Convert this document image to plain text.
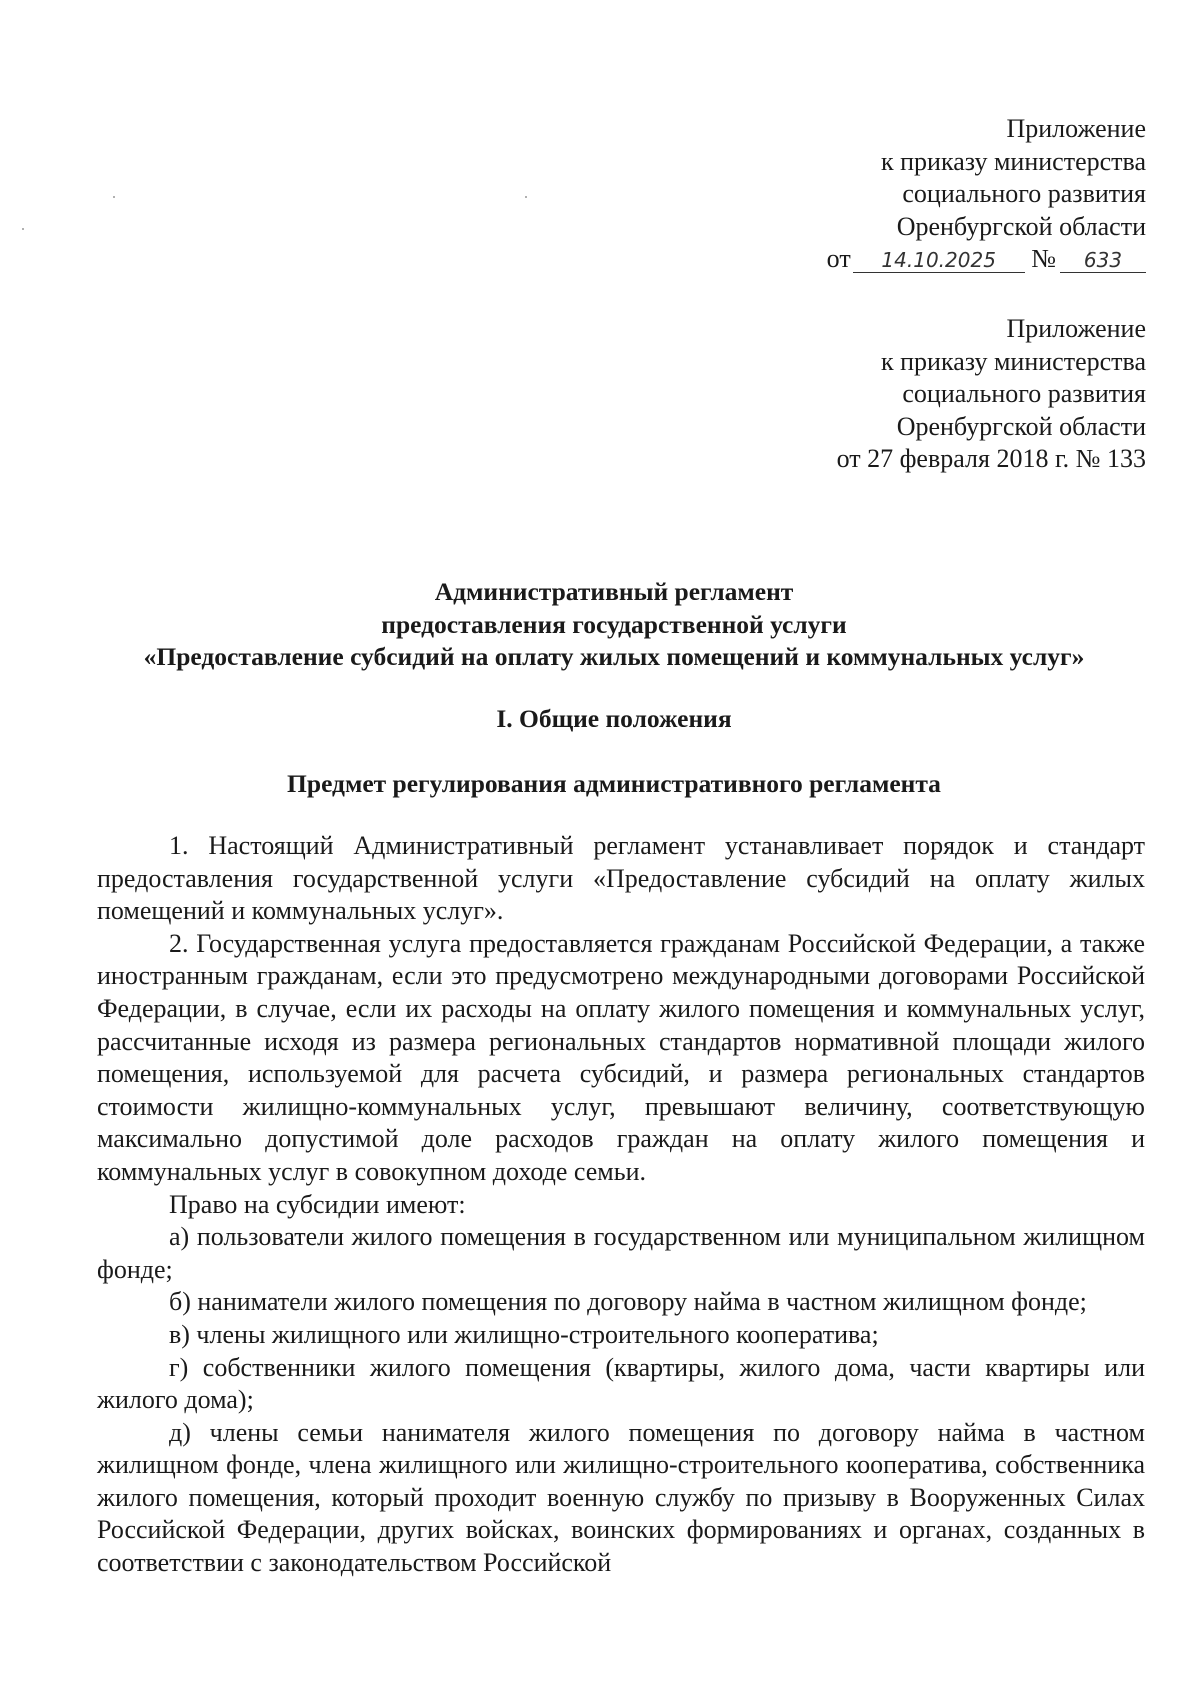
Приложение
к приказу министерства
социального развития
Оренбургской области
от 14.10.2025 № 633
Приложение
к приказу министерства
социального развития
Оренбургской области
от 27 февраля 2018 г. № 133
Административный регламент
предоставления государственной услуги
«Предоставление субсидий на оплату жилых помещений и коммунальных услуг»
I. Общие положения
Предмет регулирования административного регламента

1. Настоящий Административный регламент устанавливает порядок и стандарт предоставления государственной услуги «Предоставление субсидий на оплату жилых помещений и коммунальных услуг».

2. Государственная услуга предоставляется гражданам Российской Федерации, а также иностранным гражданам, если это предусмотрено международными договорами Российской Федерации, в случае, если их расходы на оплату жилого помещения и коммунальных услуг, рассчитанные исходя из размера региональных стандартов нормативной площади жилого помещения, используемой для расчета субсидий, и размера региональных стандартов стоимости жилищно-коммунальных услуг, превышают величину, соответствующую максимально допустимой доле расходов граждан на оплату жилого помещения и коммунальных услуг в совокупном доходе семьи.

Право на субсидии имеют:

а) пользователи жилого помещения в государственном или муниципальном жилищном фонде;

б) наниматели жилого помещения по договору найма в частном жилищном фонде;

в) члены жилищного или жилищно-строительного кооператива;

г) собственники жилого помещения (квартиры, жилого дома, части квартиры или жилого дома);

д) члены семьи нанимателя жилого помещения по договору найма в частном жилищном фонде, члена жилищного или жилищно-строительного кооператива, собственника жилого помещения, который проходит военную службу по призыву в Вооруженных Силах Российской Федерации, других войсках, воинских формированиях и органах, созданных в соответствии с законодательством Российской
